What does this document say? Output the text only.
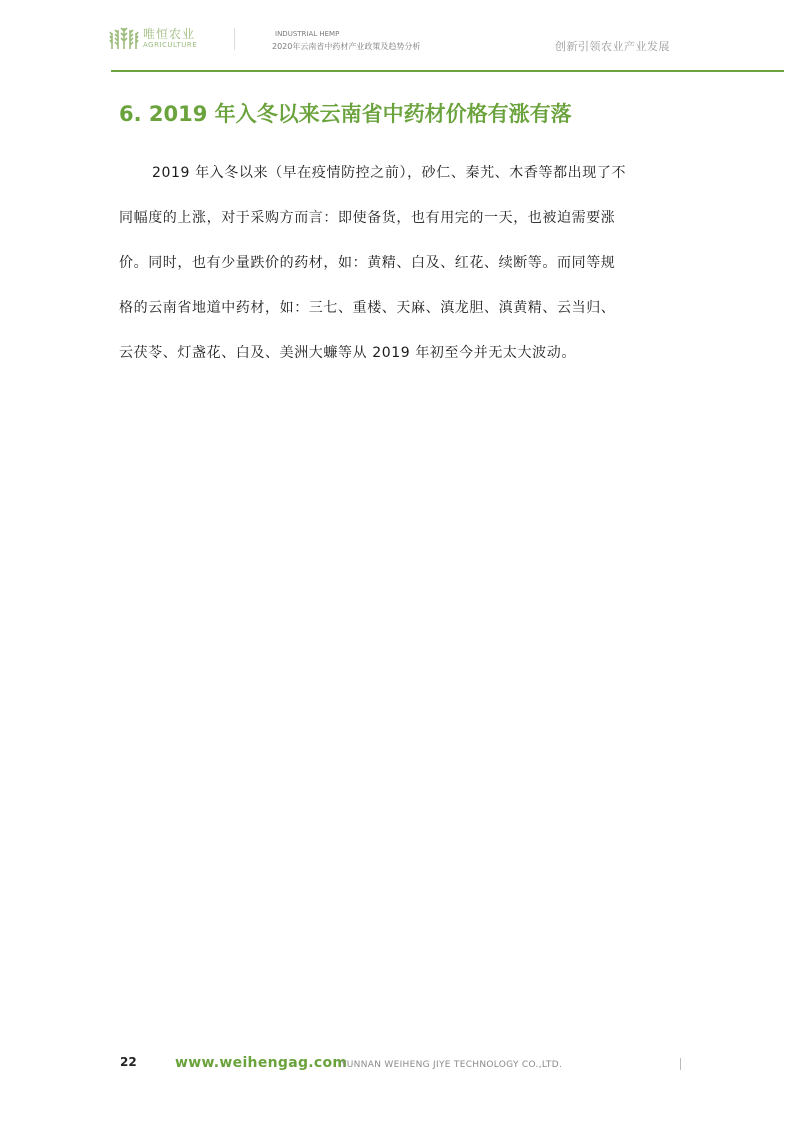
唯恒农业
AGRICULTURE
INDUSTRIAL HEMP
2020年云南省中药材产业政策及趋势分析	创新引领农业产业发展
6. 2019 年入冬以来云南省中药材价格有涨有落
2019 年入冬以来（早在疫情防控之前），砂仁、秦艽、木香等都出现了不
同幅度的上涨，对于采购方而言：即使备货，也有用完的一天，也被迫需要涨
价。同时，也有少量跌价的药材，如：黄精、白及、红花、续断等。而同等规
格的云南省地道中药材，如：三七、重楼、天麻、滇龙胆、滇黄精、云当归、
云茯苓、灯盏花、白及、美洲大蠊等从 2019 年初至今并无太大波动。
22	www.weihengag.com
YUNNAN WEIHENG JIYE TECHNOLOGY CO.,LTD.
